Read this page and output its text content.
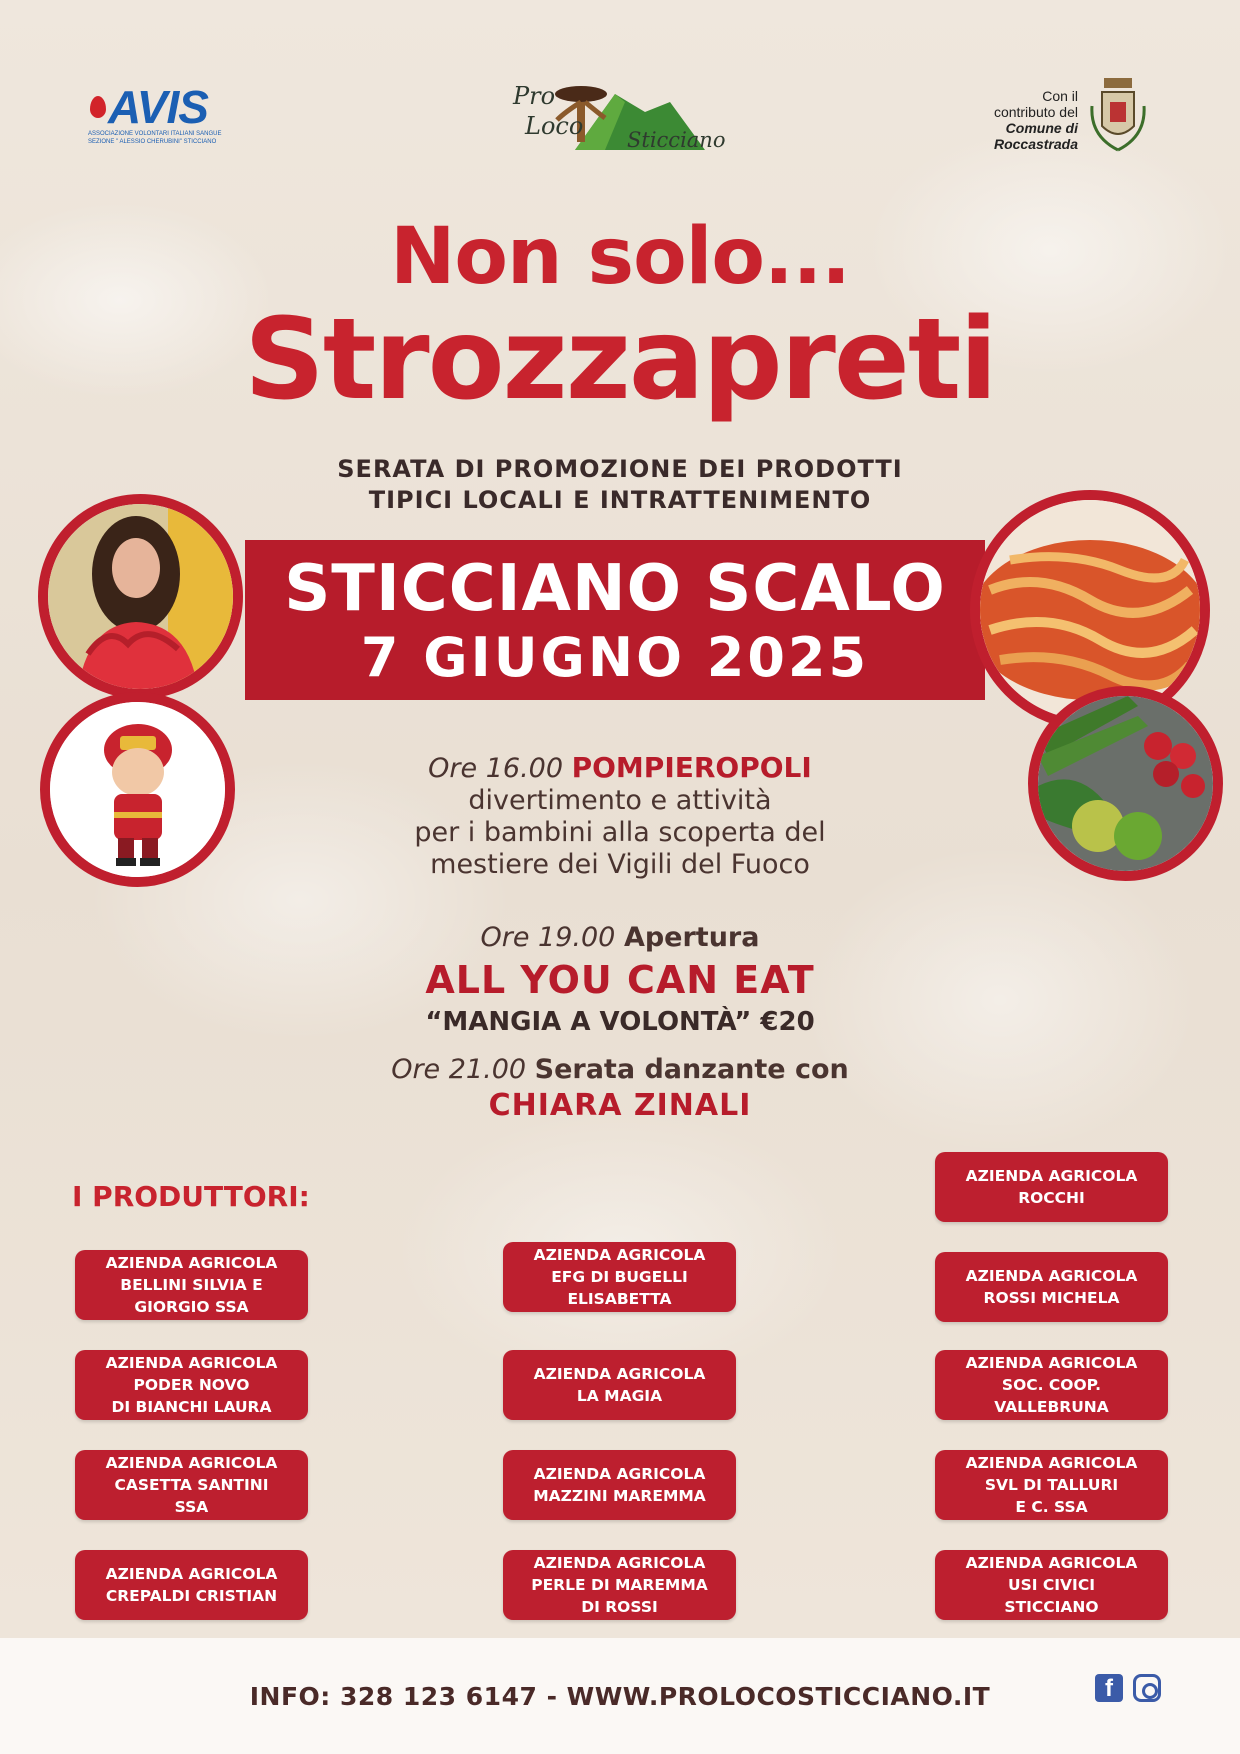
AVIS
ASSOCIAZIONE VOLONTARI ITALIANI SANGUE
SEZIONE " ALESSIO CHERUBINI" STICCIANO
Pro
Loco Sticciano
Con il
contributo del
Comune di
Roccastrada
Non solo...
Strozzapreti
SERATA DI PROMOZIONE DEI PRODOTTI
TIPICI LOCALI E INTRATTENIMENTO
STICCIANO SCALO
7 GIUGNO 2025
Ore 16.00 POMPIEROPOLI
divertimento e attività
per i bambini alla scoperta del
mestiere dei Vigili del Fuoco
Ore 19.00 Apertura
ALL YOU CAN EAT
“MANGIA A VOLONTÀ” €20
Ore 21.00 Serata danzante con
CHIARA ZINALI
I PRODUTTORI:
AZIENDA AGRICOLA
BELLINI SILVIA E
GIORGIO SSA
AZIENDA AGRICOLA
PODER NOVO
DI BIANCHI LAURA
AZIENDA AGRICOLA
CASETTA SANTINI
SSA
AZIENDA AGRICOLA
CREPALDI CRISTIAN
AZIENDA AGRICOLA
EFG DI BUGELLI
ELISABETTA
AZIENDA AGRICOLA
LA MAGIA
AZIENDA AGRICOLA
MAZZINI MAREMMA
AZIENDA AGRICOLA
PERLE DI MAREMMA
DI ROSSI
AZIENDA AGRICOLA
ROCCHI
AZIENDA AGRICOLA
ROSSI MICHELA
AZIENDA AGRICOLA
SOC. COOP.
VALLEBRUNA
AZIENDA AGRICOLA
SVL DI TALLURI
E C. SSA
AZIENDA AGRICOLA
USI CIVICI
STICCIANO
INFO: 328 123 6147 - WWW.PROLOCOSTICCIANO.IT	f
